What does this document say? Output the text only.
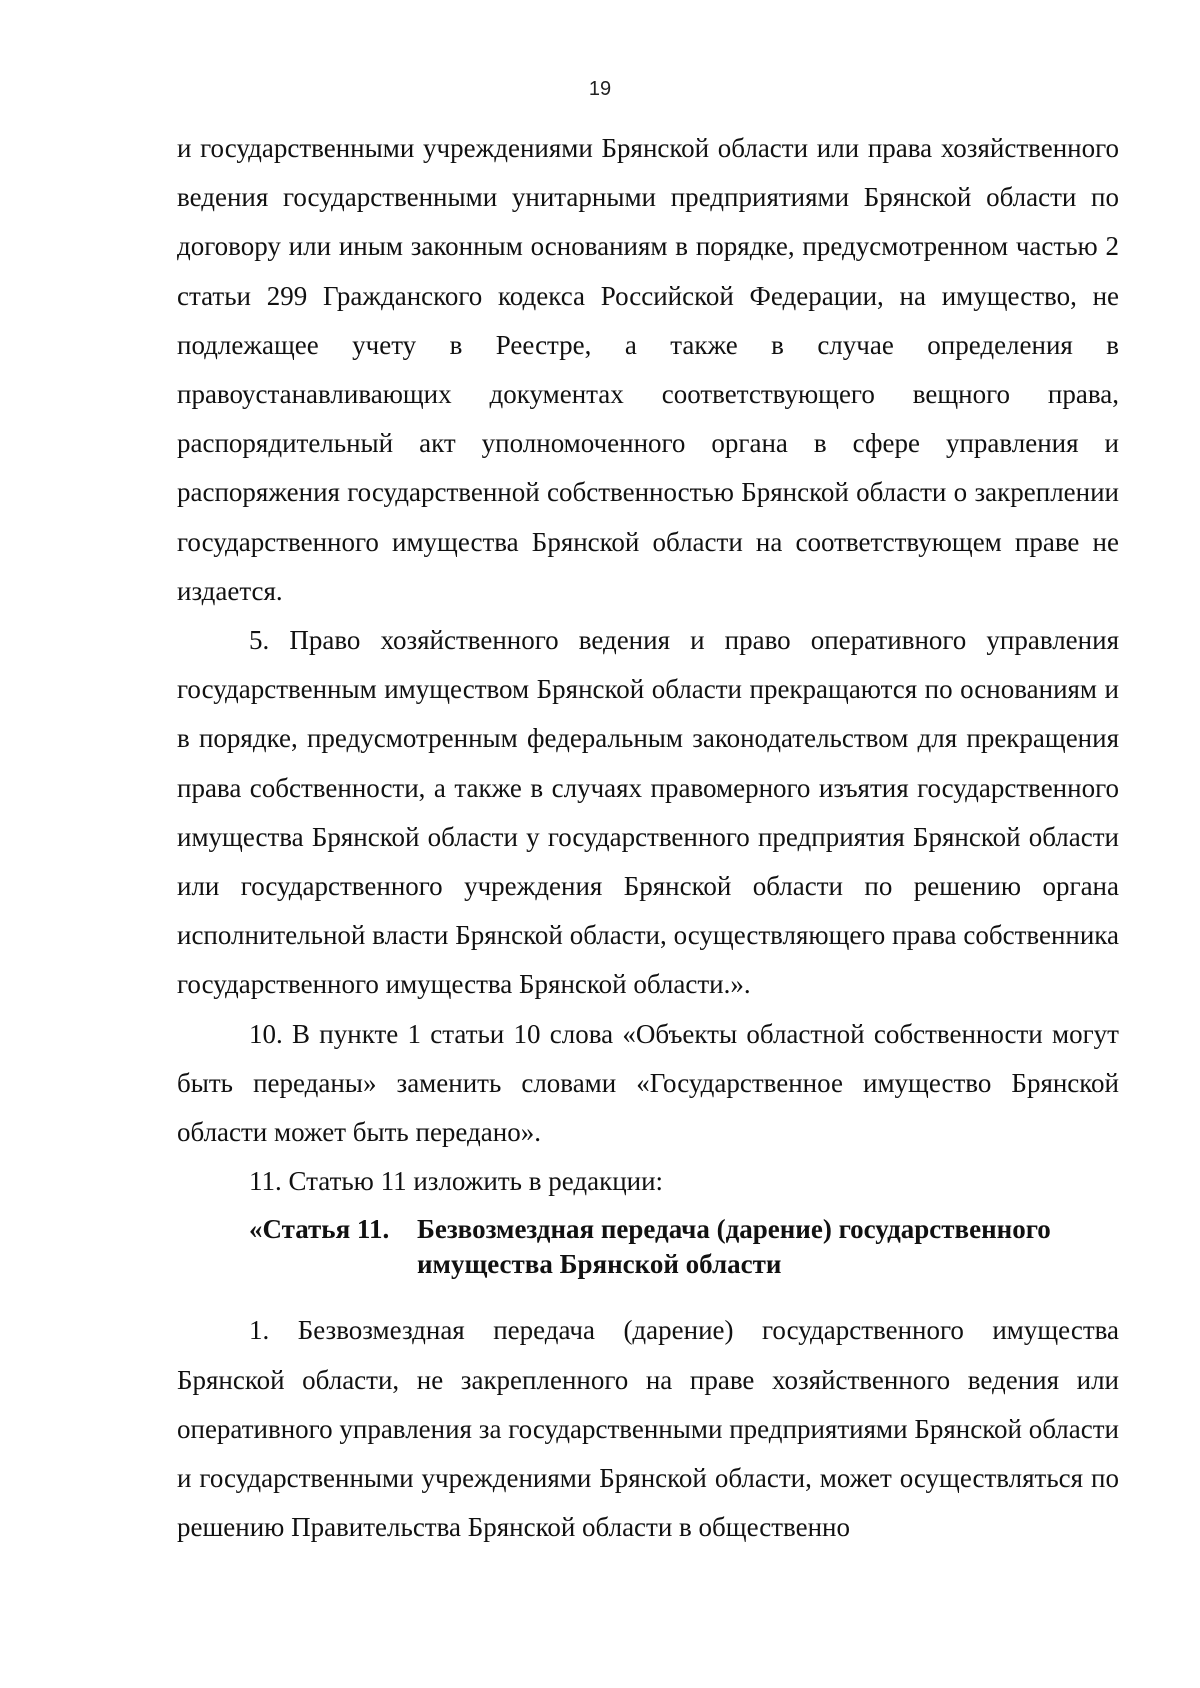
19

и государственными учреждениями Брянской области или права хозяйственного ведения государственными унитарными предприятиями Брянской области по договору или иным законным основаниям в порядке, предусмотренном частью 2 статьи 299 Гражданского кодекса Российской Федерации, на имущество, не подлежащее учету в Реестре, а также в случае определения в правоустанавливающих документах соответствующего вещного права, распорядительный акт уполномоченного органа в сфере управления и распоряжения государственной собственностью Брянской области о закреплении государственного имущества Брянской области на соответствующем праве не издается.

5. Право хозяйственного ведения и право оперативного управления государственным имуществом Брянской области прекращаются по основаниям и в порядке, предусмотренным федеральным законодательством для прекращения права собственности, а также в случаях правомерного изъятия государственного имущества Брянской области у государственного предприятия Брянской области или государственного учреждения Брянской области по решению органа исполнительной власти Брянской области, осуществляющего права собственника государственного имущества Брянской области.».

10. В пункте 1 статьи 10 слова «Объекты областной собственности могут быть переданы» заменить словами «Государственное имущество Брянской области может быть передано».

11. Статью 11 изложить в редакции:

«Статья 11.	Безвозмездная передача (дарение) государственного
имущества Брянской области

1. Безвозмездная передача (дарение) государственного имущества Брянской области, не закрепленного на праве хозяйственного ведения или оперативного управления за государственными предприятиями Брянской области и государственными учреждениями Брянской области, может осуществляться по решению Правительства Брянской области в общественно
